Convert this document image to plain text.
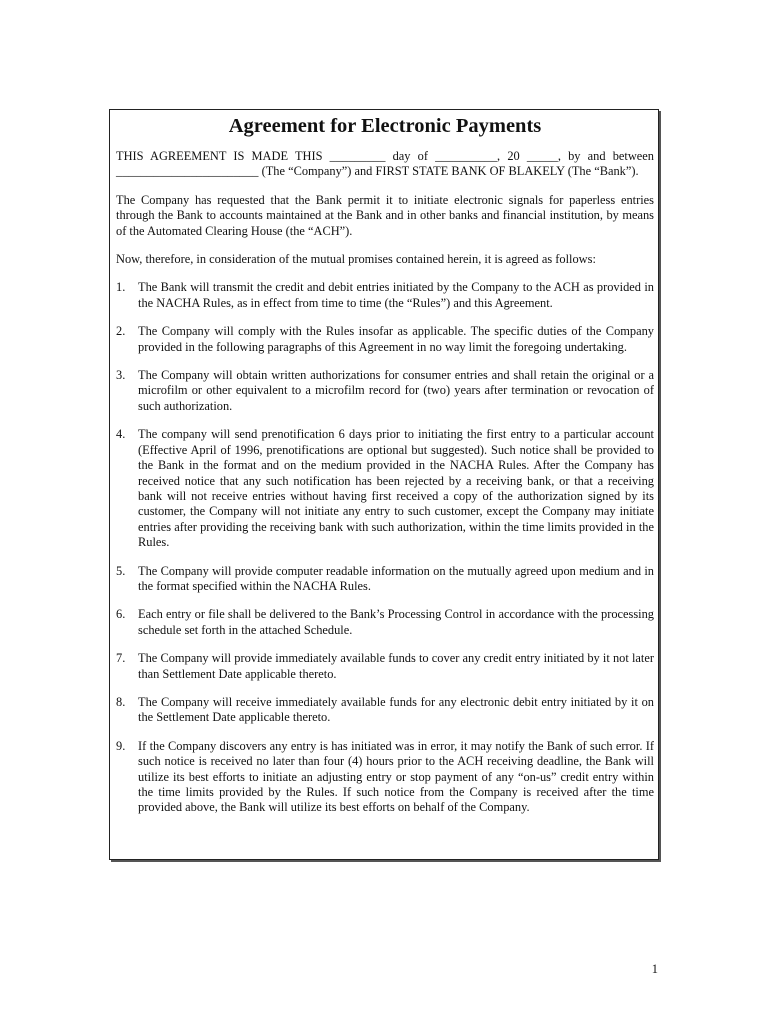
Agreement for Electronic Payments

THIS AGREEMENT IS MADE THIS _________ day of __________, 20 _____, by and between _______________________ (The “Company”) and FIRST STATE BANK OF BLAKELY (The “Bank”).

The Company has requested that the Bank permit it to initiate electronic signals for paperless entries through the Bank to accounts maintained at the Bank and in other banks and financial institution, by means of the Automated Clearing House (the “ACH”).

Now, therefore, in consideration of the mutual promises contained herein, it is agreed as follows:

1.	The Bank will transmit the credit and debit entries initiated by the Company to the ACH as provided in the NACHA Rules, as in effect from time to time (the “Rules”) and this Agreement.
2.	The Company will comply with the Rules insofar as applicable. The specific duties of the Company provided in the following paragraphs of this Agreement in no way limit the foregoing undertaking.
3.	The Company will obtain written authorizations for consumer entries and shall retain the original or a microfilm or other equivalent to a microfilm record for (two) years after termination or revocation of such authorization.
4.	The company will send prenotification 6 days prior to initiating the first entry to a particular account (Effective April of 1996, prenotifications are optional but suggested). Such notice shall be provided to the Bank in the format and on the medium provided in the NACHA Rules. After the Company has received notice that any such notification has been rejected by a receiving bank, or that a receiving bank will not receive entries without having first received a copy of the authorization signed by its customer, the Company will not initiate any entry to such customer, except the Company may initiate entries after providing the receiving bank with such authorization, within the time limits provided in the Rules.
5.	The Company will provide computer readable information on the mutually agreed upon medium and in the format specified within the NACHA Rules.
6.	Each entry or file shall be delivered to the Bank’s Processing Control in accordance with the processing schedule set forth in the attached Schedule.
7.	The Company will provide immediately available funds to cover any credit entry initiated by it not later than Settlement Date applicable thereto.
8.	The Company will receive immediately available funds for any electronic debit entry initiated by it on the Settlement Date applicable thereto.
9.	If the Company discovers any entry is has initiated was in error, it may notify the Bank of such error. If such notice is received no later than four (4) hours prior to the ACH receiving deadline, the Bank will utilize its best efforts to initiate an adjusting entry or stop payment of any “on-us” credit entry within the time limits provided by the Rules. If such notice from the Company is received after the time provided above, the Bank will utilize its best efforts on behalf of the Company.
1
